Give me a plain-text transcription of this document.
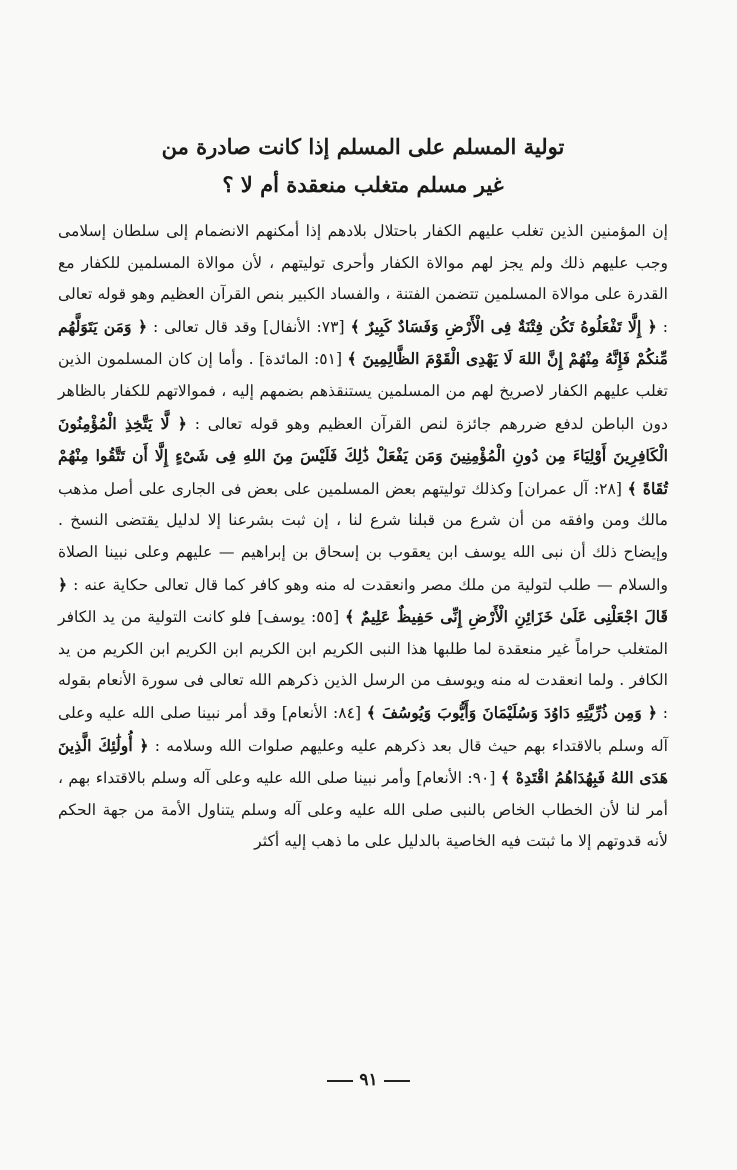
تولية المسلم على المسلم إذا كانت صادرة من
غير مسلم متغلب منعقدة أم لا ؟

إن المؤمنين الذين تغلب عليهم الكفار باحتلال بلادهم إذا أمكنهم الانضمام إلى سلطان إسلامى وجب عليهم ذلك ولم يجز لهم موالاة الكفار وأحرى توليتهم ، لأن موالاة المسلمين للكفار مع القدرة على موالاة المسلمين تتضمن الفتنة ، والفساد الكبير بنص القرآن العظيم وهو قوله تعالى : ﴿ إِلَّا تَفْعَلُوهُ تَكُن فِتْنَةٌ فِى الْأَرْضِ وَفَسَادٌ كَبِيرٌ ﴾ [٧٣: الأنفال] وقد قال تعالى : ﴿ وَمَن يَتَوَلَّهُم مِّنكُمْ فَإِنَّهُ مِنْهُمْ إِنَّ اللهَ لَا يَهْدِى الْقَوْمَ الظَّالِمِينَ ﴾ [٥١: المائدة] . وأما إن كان المسلمون الذين تغلب عليهم الكفار لاصريخ لهم من المسلمين يستنقذهم بضمهم إليه ، فموالاتهم للكفار بالظاهر دون الباطن لدفع ضررهم جائزة لنص القرآن العظيم وهو قوله تعالى : ﴿ لَّا يَتَّخِذِ الْمُؤْمِنُونَ الْكَافِرِينَ أَوْلِيَاءَ مِن دُونِ الْمُؤْمِنِينَ وَمَن يَفْعَلْ ذَٰلِكَ فَلَيْسَ مِنَ اللهِ فِى شَىْءٍ إِلَّا أَن تَتَّقُوا مِنْهُمْ تُقَاةً ﴾ [٢٨: آل عمران] وكذلك توليتهم بعض المسلمين على بعض فى الجارى على أصل مذهب مالك ومن وافقه من أن شرع من قبلنا شرع لنا ، إن ثبت بشرعنا إلا لدليل يقتضى النسخ . وإيضاح ذلك أن نبى الله يوسف ابن يعقوب بن إسحاق بن إبراهيم — عليهم وعلى نبينا الصلاة والسلام — طلب لتولية من ملك مصر وانعقدت له منه وهو كافر كما قال تعالى حكاية عنه : ﴿ قَالَ اجْعَلْنِى عَلَىٰ خَزَائِنِ الْأَرْضِ إِنِّى حَفِيظٌ عَلِيمٌ ﴾ [٥٥: يوسف] فلو كانت التولية من يد الكافر المتغلب حراماً غير منعقدة لما طلبها هذا النبى الكريم ابن الكريم ابن الكريم ابن الكريم من يد الكافر . ولما انعقدت له منه ويوسف من الرسل الذين ذكرهم الله تعالى فى سورة الأنعام بقوله : ﴿ وَمِن ذُرِّيَّتِهِ دَاوُدَ وَسُلَيْمَانَ وَأَيُّوبَ وَيُوسُفَ ﴾ [٨٤: الأنعام] وقد أمر نبينا صلى الله عليه وعلى آله وسلم بالاقتداء بهم حيث قال بعد ذكرهم عليه وعليهم صلوات الله وسلامه : ﴿ أُولَٰئِكَ الَّذِينَ هَدَى اللهُ فَبِهُدَاهُمُ اقْتَدِهْ ﴾ [٩٠: الأنعام] وأمر نبينا صلى الله عليه وعلى آله وسلم بالاقتداء بهم ، أمر لنا لأن الخطاب الخاص بالنبى صلى الله عليه وعلى آله وسلم يتناول الأمة من جهة الحكم لأنه قدوتهم إلا ما ثبتت فيه الخاصية بالدليل على ما ذهب إليه أكثر

٩١
